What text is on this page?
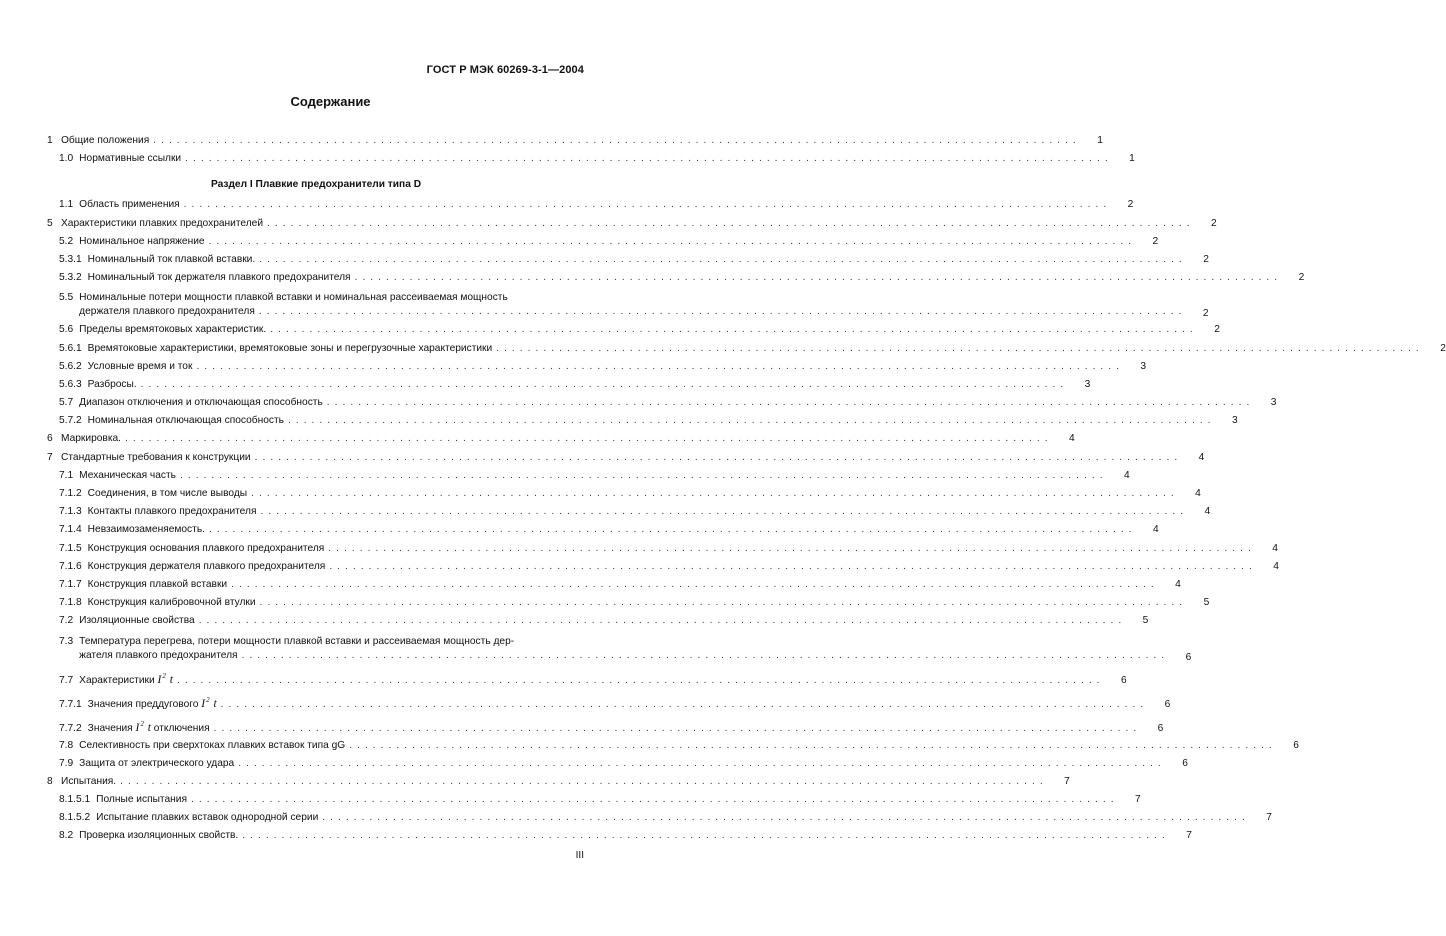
ГОСТ Р МЭК 60269-3-1—2004
Содержание
1 Общие положения . . .	1
1.0 Нормативные ссылки . . .	1
Раздел I Плавкие предохранители типа D
1.1 Область применения . . .	2
5 Характеристики плавких предохранителей . . .	2
5.2 Номинальное напряжение . . .	2
5.3.1 Номинальный ток плавкой вставки. . . .	2
5.3.2 Номинальный ток держателя плавкого предохранителя . . .	2
5.5 Номинальные потери мощности плавкой вставки и номинальная рассеиваемая мощность
держателя плавкого предохранителя . . .	2
5.6 Пределы времятоковых характеристик. . . .	2
5.6.1 Времятоковые характеристики, времятоковые зоны и перегрузочные характеристики . . .	2
5.6.2 Условные время и ток . . .	3
5.6.3 Разбросы. . . .	3
5.7 Диапазон отключения и отключающая способность . . .	3
5.7.2 Номинальная отключающая способность . . .	3
6 Маркировка. . . .	4
7 Стандартные требования к конструкции . . .	4
7.1 Механическая часть . . .	4
7.1.2 Соединения, в том числе выводы . . .	4
7.1.3 Контакты плавкого предохранителя . . .	4
7.1.4 Невзаимозаменяемость. . . .	4
7.1.5 Конструкция основания плавкого предохранителя . . .	4
7.1.6 Конструкция держателя плавкого предохранителя . . .	4
7.1.7 Конструкция плавкой вставки . . .	4
7.1.8 Конструкция калибровочной втулки . . .	5
7.2 Изоляционные свойства . . .	5
7.3 Температура перегрева, потери мощности плавкой вставки и рассеиваемая мощность дер-
жателя плавкого предохранителя . . .	6
7.7 Характеристики $I^2$ t . . .	6
7.7.1 Значения преддугового $I^2$ t . . .	6
7.7.2 Значения $I^2$ t отключения . . .	6
7.8 Селективность при сверхтоках плавких вставок типа gG . . .	6
7.9 Защита от электрического удара . . .	6
8 Испытания. . . .	7
8.1.5.1 Полные испытания . . .	7
8.1.5.2 Испытание плавких вставок однородной серии . . .	7
8.2 Проверка изоляционных свойств. . . .	7
III
